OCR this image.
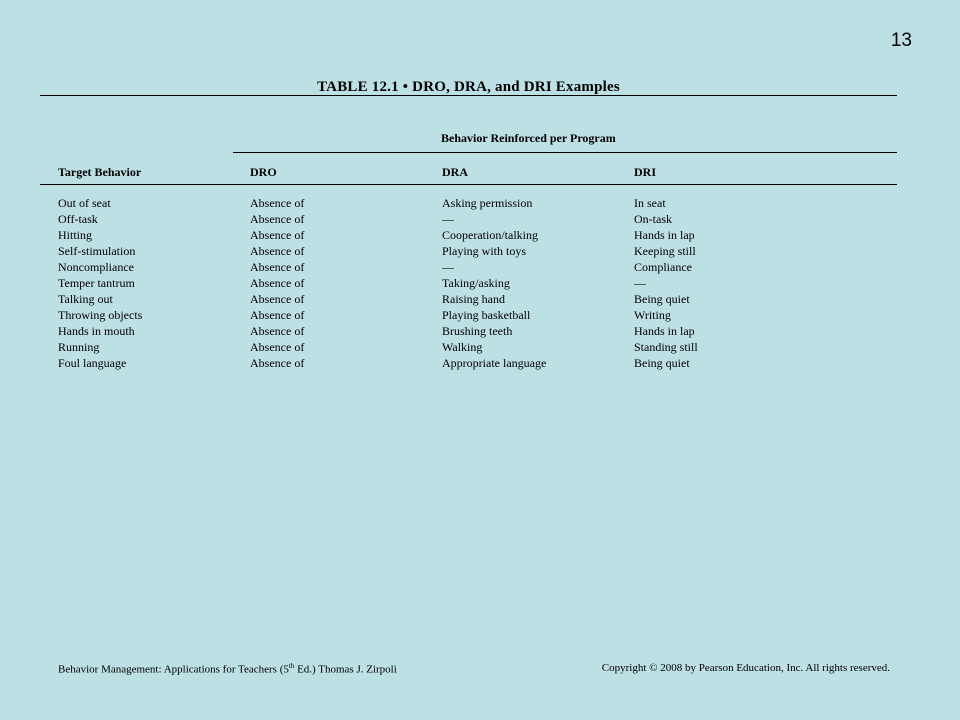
13
TABLE 12.1 • DRO, DRA, and DRI Examples
Behavior Reinforced per Program
Target Behavior	DRO	DRA	DRI
Out of seat	Absence of	Asking permission	In seat
Off-task	Absence of	—	On-task
Hitting	Absence of	Cooperation/talking	Hands in lap
Self-stimulation	Absence of	Playing with toys	Keeping still
Noncompliance	Absence of	—	Compliance
Temper tantrum	Absence of	Taking/asking	—
Talking out	Absence of	Raising hand	Being quiet
Throwing objects	Absence of	Playing basketball	Writing
Hands in mouth	Absence of	Brushing teeth	Hands in lap
Running	Absence of	Walking	Standing still
Foul language	Absence of	Appropriate language	Being quiet
Behavior Management: Applications for Teachers (5th Ed.) Thomas J. Zirpoli	Copyright © 2008 by Pearson Education, Inc. All rights reserved.
